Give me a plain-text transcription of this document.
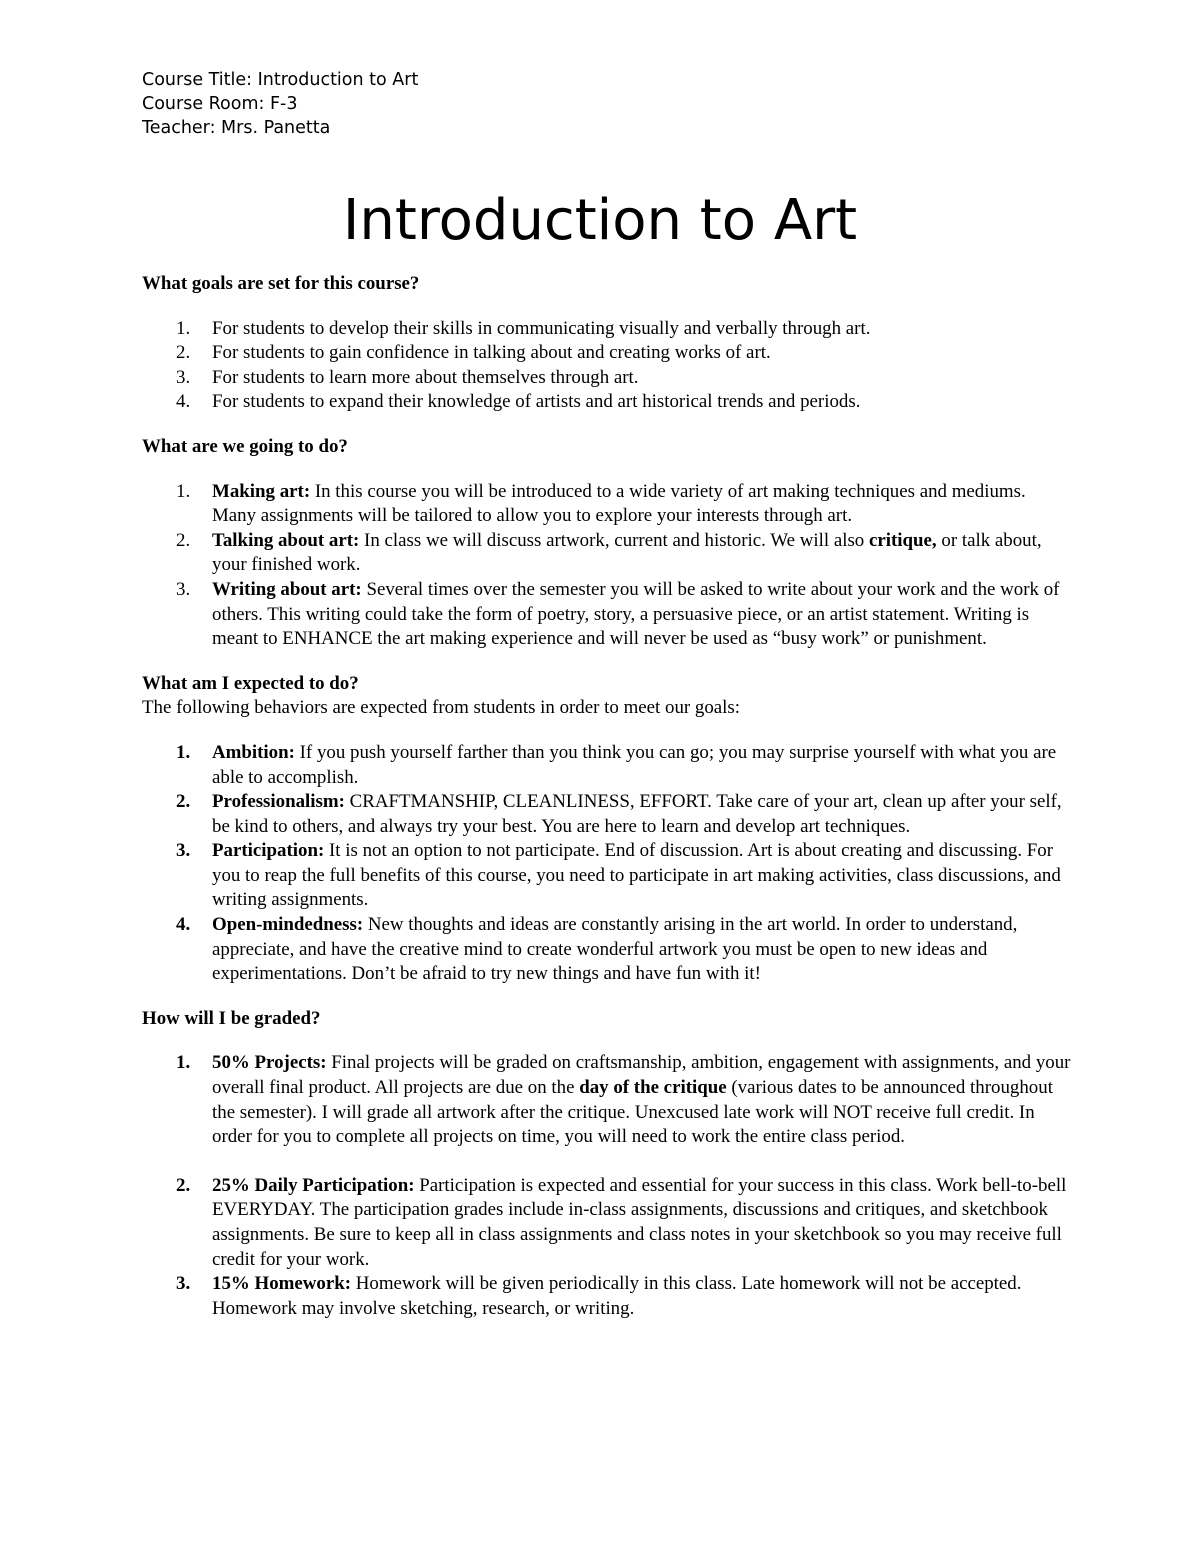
Course Title: Introduction to Art
Course Room: F-3
Teacher: Mrs. Panetta
Introduction to Art
What goals are set for this course?
1. For students to develop their skills in communicating visually and verbally through art.
2. For students to gain confidence in talking about and creating works of art.
3. For students to learn more about themselves through art.
4. For students to expand their knowledge of artists and art historical trends and periods.
What are we going to do?
1. Making art: In this course you will be introduced to a wide variety of art making techniques and mediums. Many assignments will be tailored to allow you to explore your interests through art.
2. Talking about art: In class we will discuss artwork, current and historic. We will also critique, or talk about, your finished work.
3. Writing about art: Several times over the semester you will be asked to write about your work and the work of others. This writing could take the form of poetry, story, a persuasive piece, or an artist statement. Writing is meant to ENHANCE the art making experience and will never be used as “busy work” or punishment.
What am I expected to do?

The following behaviors are expected from students in order to meet our goals:

1. Ambition: If you push yourself farther than you think you can go; you may surprise yourself with what you are able to accomplish.
2. Professionalism: CRAFTMANSHIP, CLEANLINESS, EFFORT. Take care of your art, clean up after your self, be kind to others, and always try your best. You are here to learn and develop art techniques.
3. Participation: It is not an option to not participate. End of discussion. Art is about creating and discussing. For you to reap the full benefits of this course, you need to participate in art making activities, class discussions, and writing assignments.
4. Open-mindedness: New thoughts and ideas are constantly arising in the art world. In order to understand, appreciate, and have the creative mind to create wonderful artwork you must be open to new ideas and experimentations. Don’t be afraid to try new things and have fun with it!
How will I be graded?
1. 50% Projects: Final projects will be graded on craftsmanship, ambition, engagement with assignments, and your overall final product. All projects are due on the day of the critique (various dates to be announced throughout the semester). I will grade all artwork after the critique. Unexcused late work will NOT receive full credit. In order for you to complete all projects on time, you will need to work the entire class period.
2. 25% Daily Participation: Participation is expected and essential for your success in this class. Work bell-to-bell EVERYDAY. The participation grades include in-class assignments, discussions and critiques, and sketchbook assignments. Be sure to keep all in class assignments and class notes in your sketchbook so you may receive full credit for your work.
3. 15% Homework: Homework will be given periodically in this class. Late homework will not be accepted. Homework may involve sketching, research, or writing.
